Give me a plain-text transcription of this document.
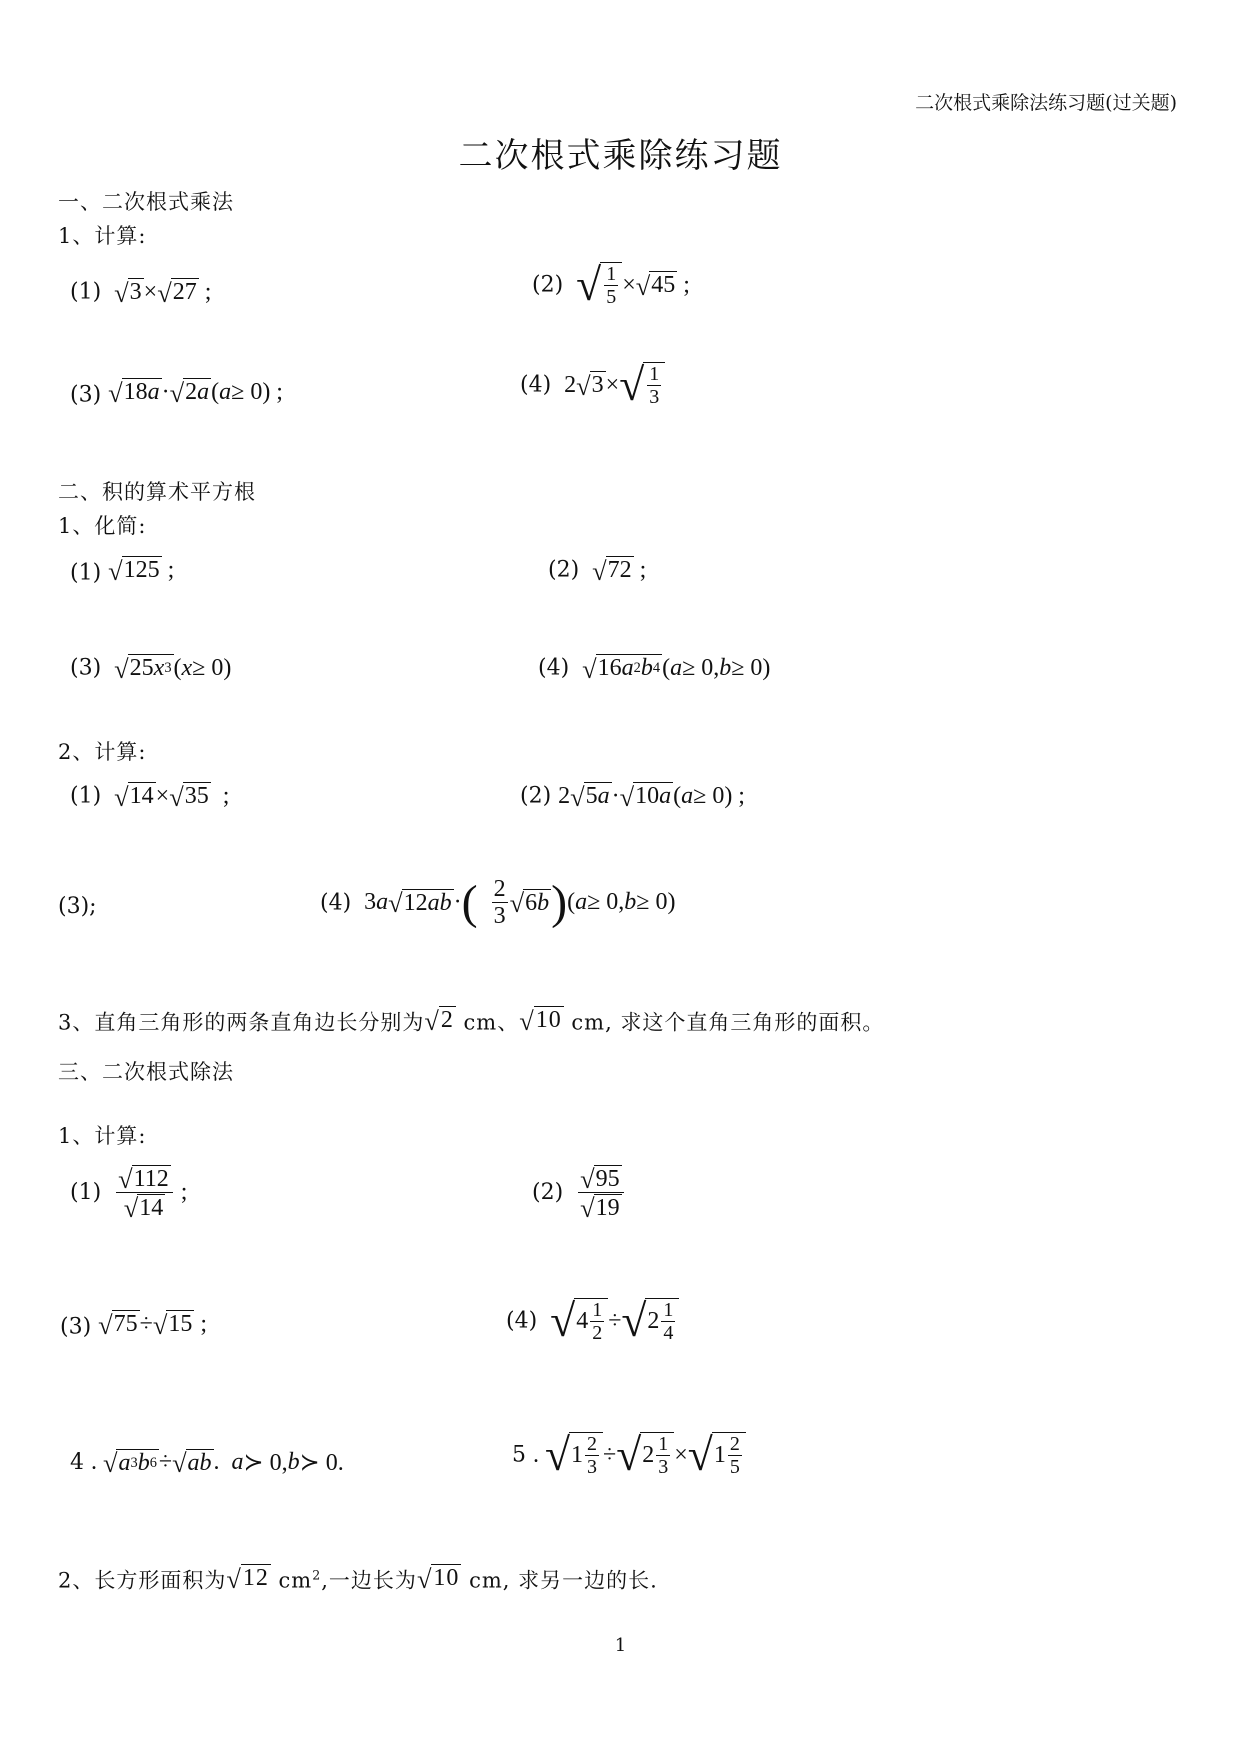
二次根式乘除法练习题(过关题)
二次根式乘除练习题
一、二次根式乘法
1、计算:
(1) √ 3 × √ 27 ;	(2) √ 1
5 × √ 45 ;
(3) √ 18 a · √ 2 a ( a ≥ 0) ;	(4)  2 √ 3 × √ 1
3
二、积的算术平方根
1、化简:
(1) √ 125 ;	(2) √ 72 ;
(3) √ 25 x 3 ( x ≥ 0)	(4) √ 16 a 2 b 4 ( a ≥ 0, b ≥ 0)
2、计算:
(1) √ 14 × √ 35 ;	(2) 2 √ 5 a · √ 10 a ( a ≥ 0) ;
(3);	(4)  3 a √ 12 ab · (
2
3 √ 6 b ) ( a ≥ 0, b ≥ 0)
3、直角三角形的两条直角边长分别为 √ 2 cm、 √ 10 cm, 求这个直角三角形的面积。
三、二次根式除法
1、计算:
(1) √ 112
√ 14
;	(2) √ 95
√ 19
(3) √ 75 ÷ √ 15 ;	(4) √ 4 1
2 ÷ √ 2 1
4
4 . √ a 3 b 6 ÷ √ ab . a ≻ 0, b ≻ 0.	5 . √ 1 2
3 ÷ √ 2 1
3 × √ 1 2
5
2、长方形面积为 √ 12 $cm^2$,一边长为 √ 10 cm, 求另一边的长.
1
